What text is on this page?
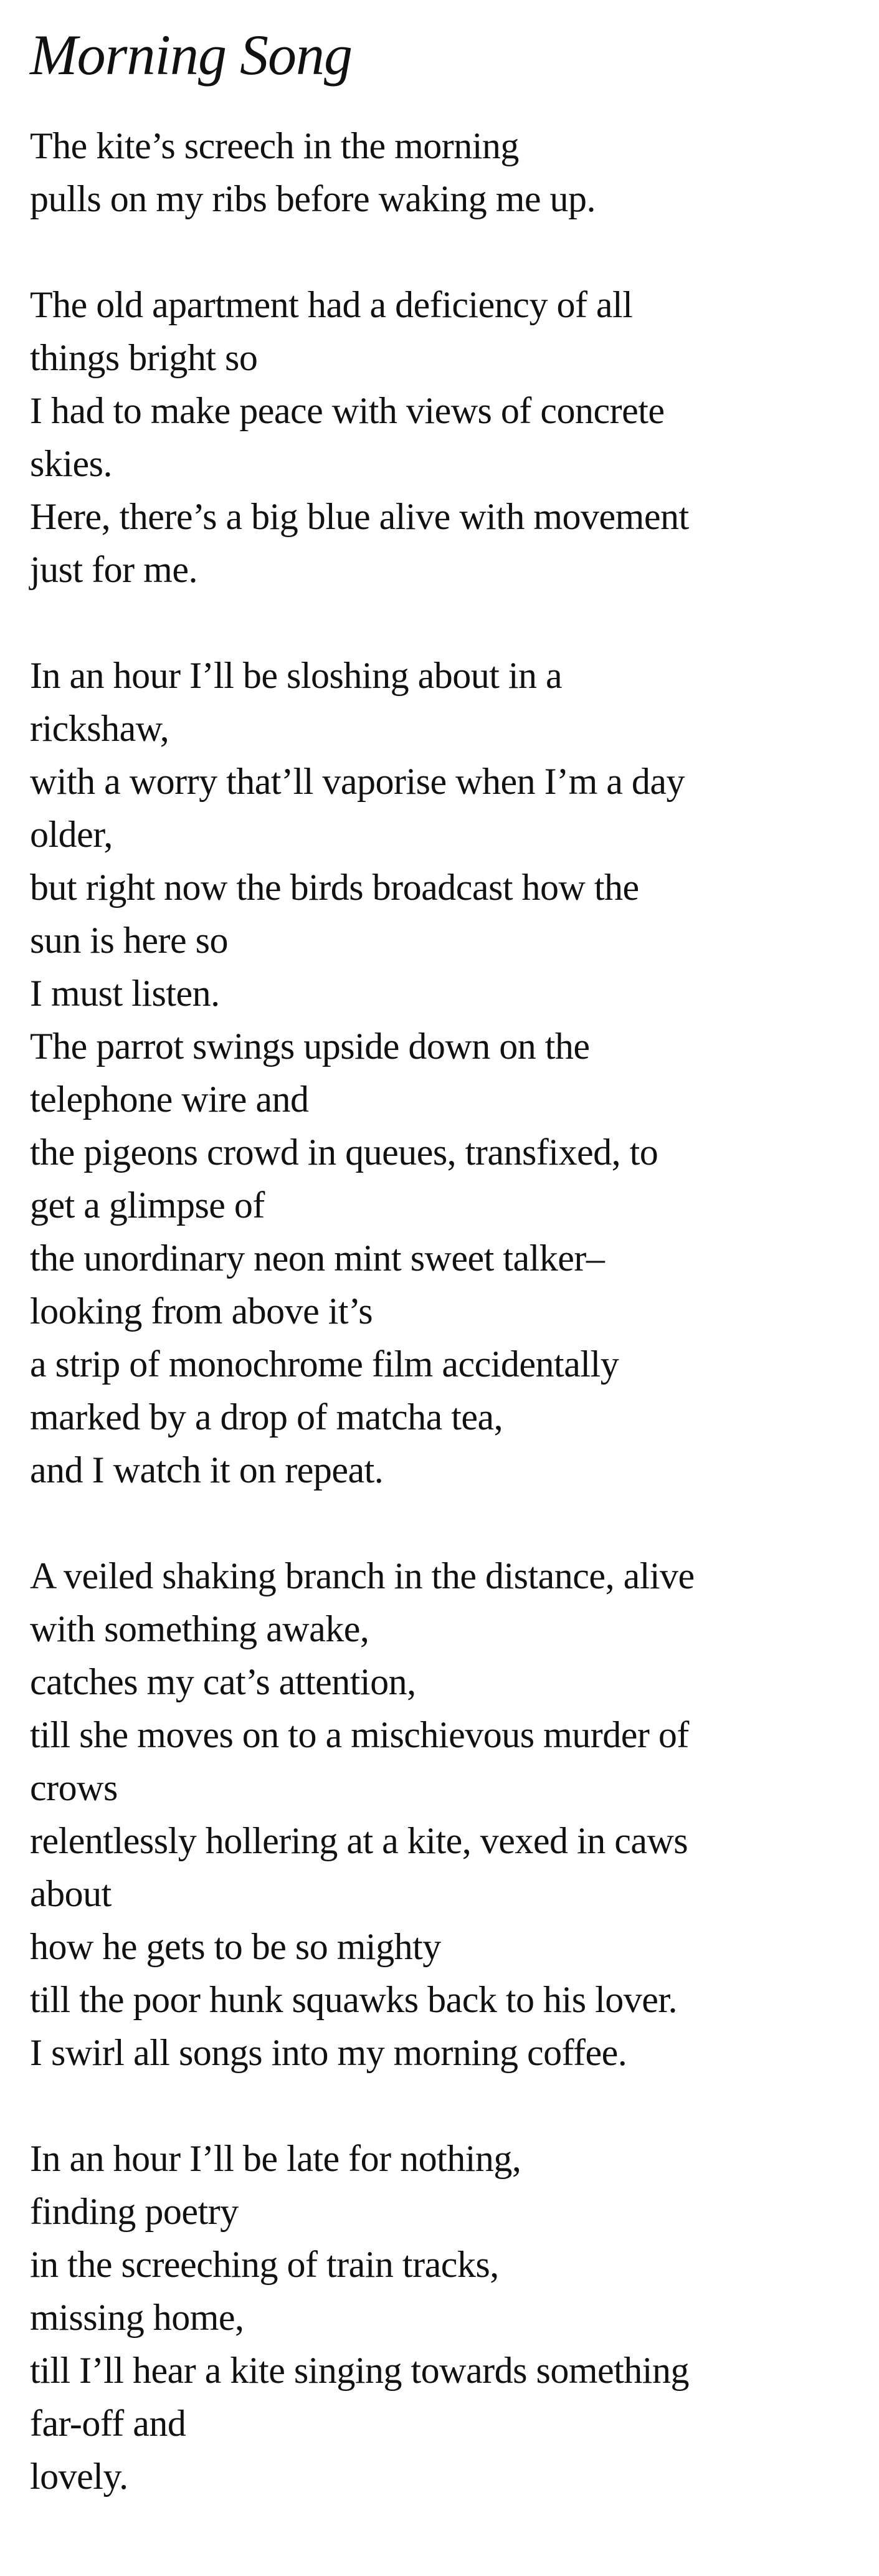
Morning Song
The kite’s screech in the morning
pulls on my ribs before waking me up.
The old apartment had a deficiency of all
things bright so
I had to make peace with views of concrete
skies.
Here, there’s a big blue alive with movement
just for me.
In an hour I’ll be sloshing about in a
rickshaw,
with a worry that’ll vaporise when I’m a day
older,
but right now the birds broadcast how the
sun is here so
I must listen.
The parrot swings upside down on the
telephone wire and
the pigeons crowd in queues, transfixed, to
get a glimpse of
the unordinary neon mint sweet talker–
looking from above it’s
a strip of monochrome film accidentally
marked by a drop of matcha tea,
and I watch it on repeat.
A veiled shaking branch in the distance, alive
with something awake,
catches my cat’s attention,
till she moves on to a mischievous murder of
crows
relentlessly hollering at a kite, vexed in caws
about
how he gets to be so mighty
till the poor hunk squawks back to his lover.
I swirl all songs into my morning coffee.
In an hour I’ll be late for nothing,
finding poetry
in the screeching of train tracks,
missing home,
till I’ll hear a kite singing towards something
far-off and
lovely.
